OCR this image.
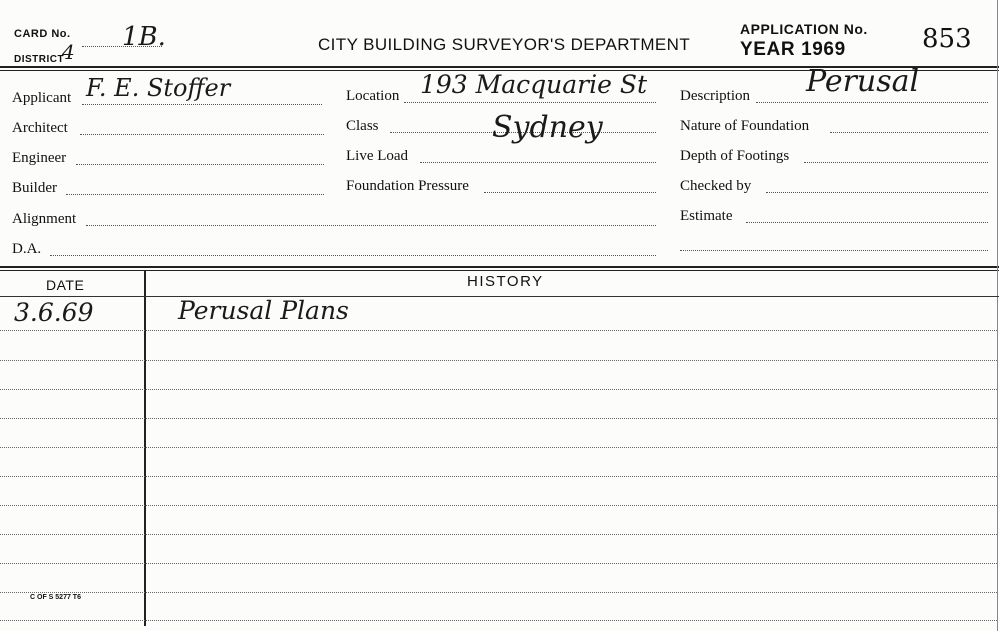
CARD No. 1B.
DISTRICT
4	CITY BUILDING SURVEYOR'S DEPARTMENT
APPLICATION No.
YEAR 1969	853
Applicant F. E. Stoffer
Architect
Engineer
Builder
Alignment
D.A.
Location 193 Macquarie St
Class	Sydney
Live Load
Foundation Pressure
Description Perusal
Nature of Foundation
Depth of Footings
Checked by
Estimate
DATE	HISTORY
3.6.69	Perusal Plans
C OF S 5277 T6
